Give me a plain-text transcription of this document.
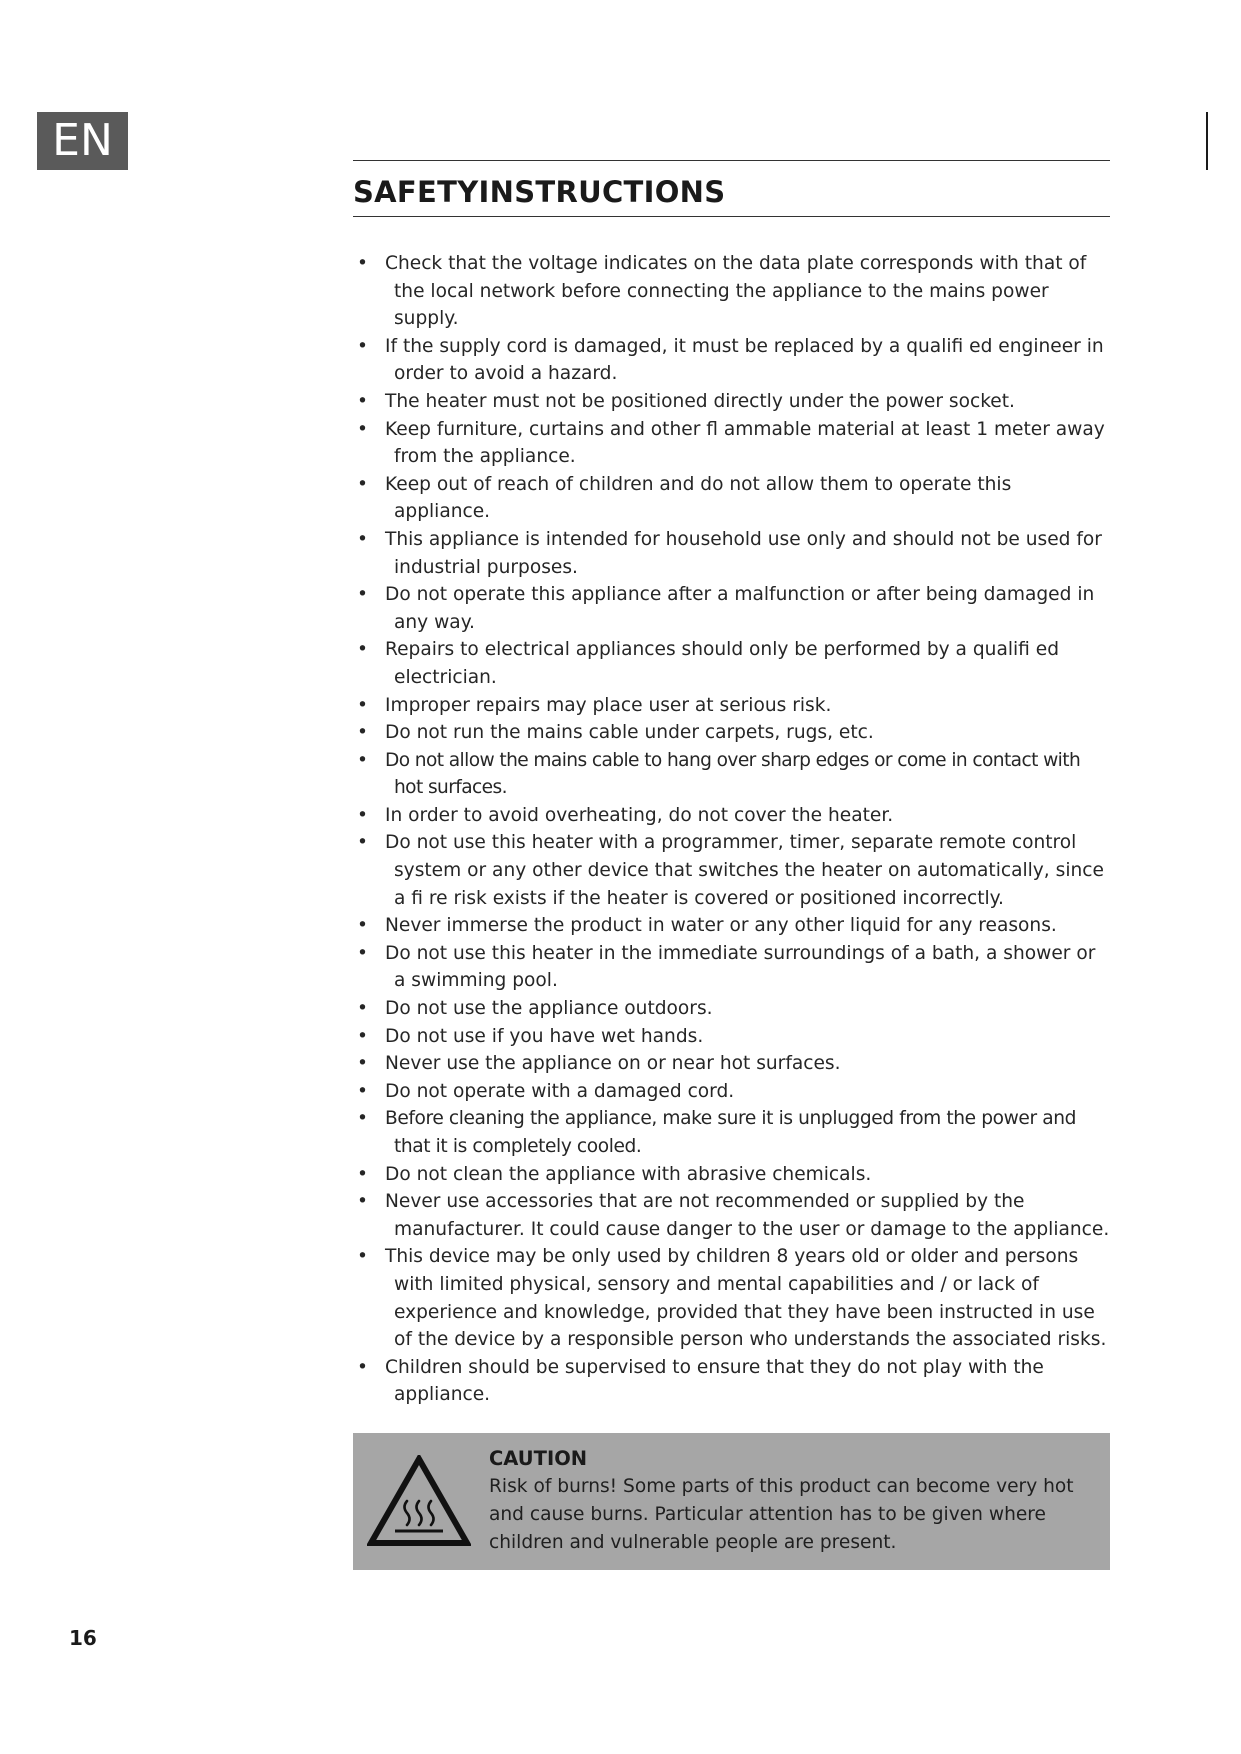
EN
SAFETYINSTRUCTIONS
• Check that the voltage indicates on the data plate corresponds with that of the local network before connecting the appliance to the mains power supply.
• If the supply cord is damaged, it must be replaced by a qualifi ed engineer in order to avoid a hazard.
• The heater must not be positioned directly under the power socket.
• Keep furniture, curtains and other fl ammable material at least 1 meter away from the appliance.
• Keep out of reach of children and do not allow them to operate this appliance.
• This appliance is intended for household use only and should not be used for industrial purposes.
• Do not operate this appliance after a malfunction or after being damaged in any way.
• Repairs to electrical appliances should only be performed by a qualifi ed electrician.
• Improper repairs may place user at serious risk.
• Do not run the mains cable under carpets, rugs, etc.
• Do not allow the mains cable to hang over sharp edges or come in contact with hot surfaces.
• In order to avoid overheating, do not cover the heater.
• Do not use this heater with a programmer, timer, separate remote control system or any other device that switches the heater on automatically, since a fi re risk exists if the heater is covered or positioned incorrectly.
• Never immerse the product in water or any other liquid for any reasons.
• Do not use this heater in the immediate surroundings of a bath, a shower or a swimming pool.
• Do not use the appliance outdoors.
• Do not use if you have wet hands.
• Never use the appliance on or near hot surfaces.
• Do not operate with a damaged cord.
• Before cleaning the appliance, make sure it is unplugged from the power and that it is completely cooled.
• Do not clean the appliance with abrasive chemicals.
• Never use accessories that are not recommended or supplied by the manufacturer. It could cause danger to the user or damage to the appliance.
• This device may be only used by children 8 years old or older and persons with limited physical, sensory and mental capabilities and / or lack of experience and knowledge, provided that they have been instructed in use of the device by a responsible person who understands the associated risks.
• Children should be supervised to ensure that they do not play with the appliance.
CAUTION
Risk of burns! Some parts of this product can become very hot and cause burns. Particular attention has to be given where children and vulnerable people are present.
16
